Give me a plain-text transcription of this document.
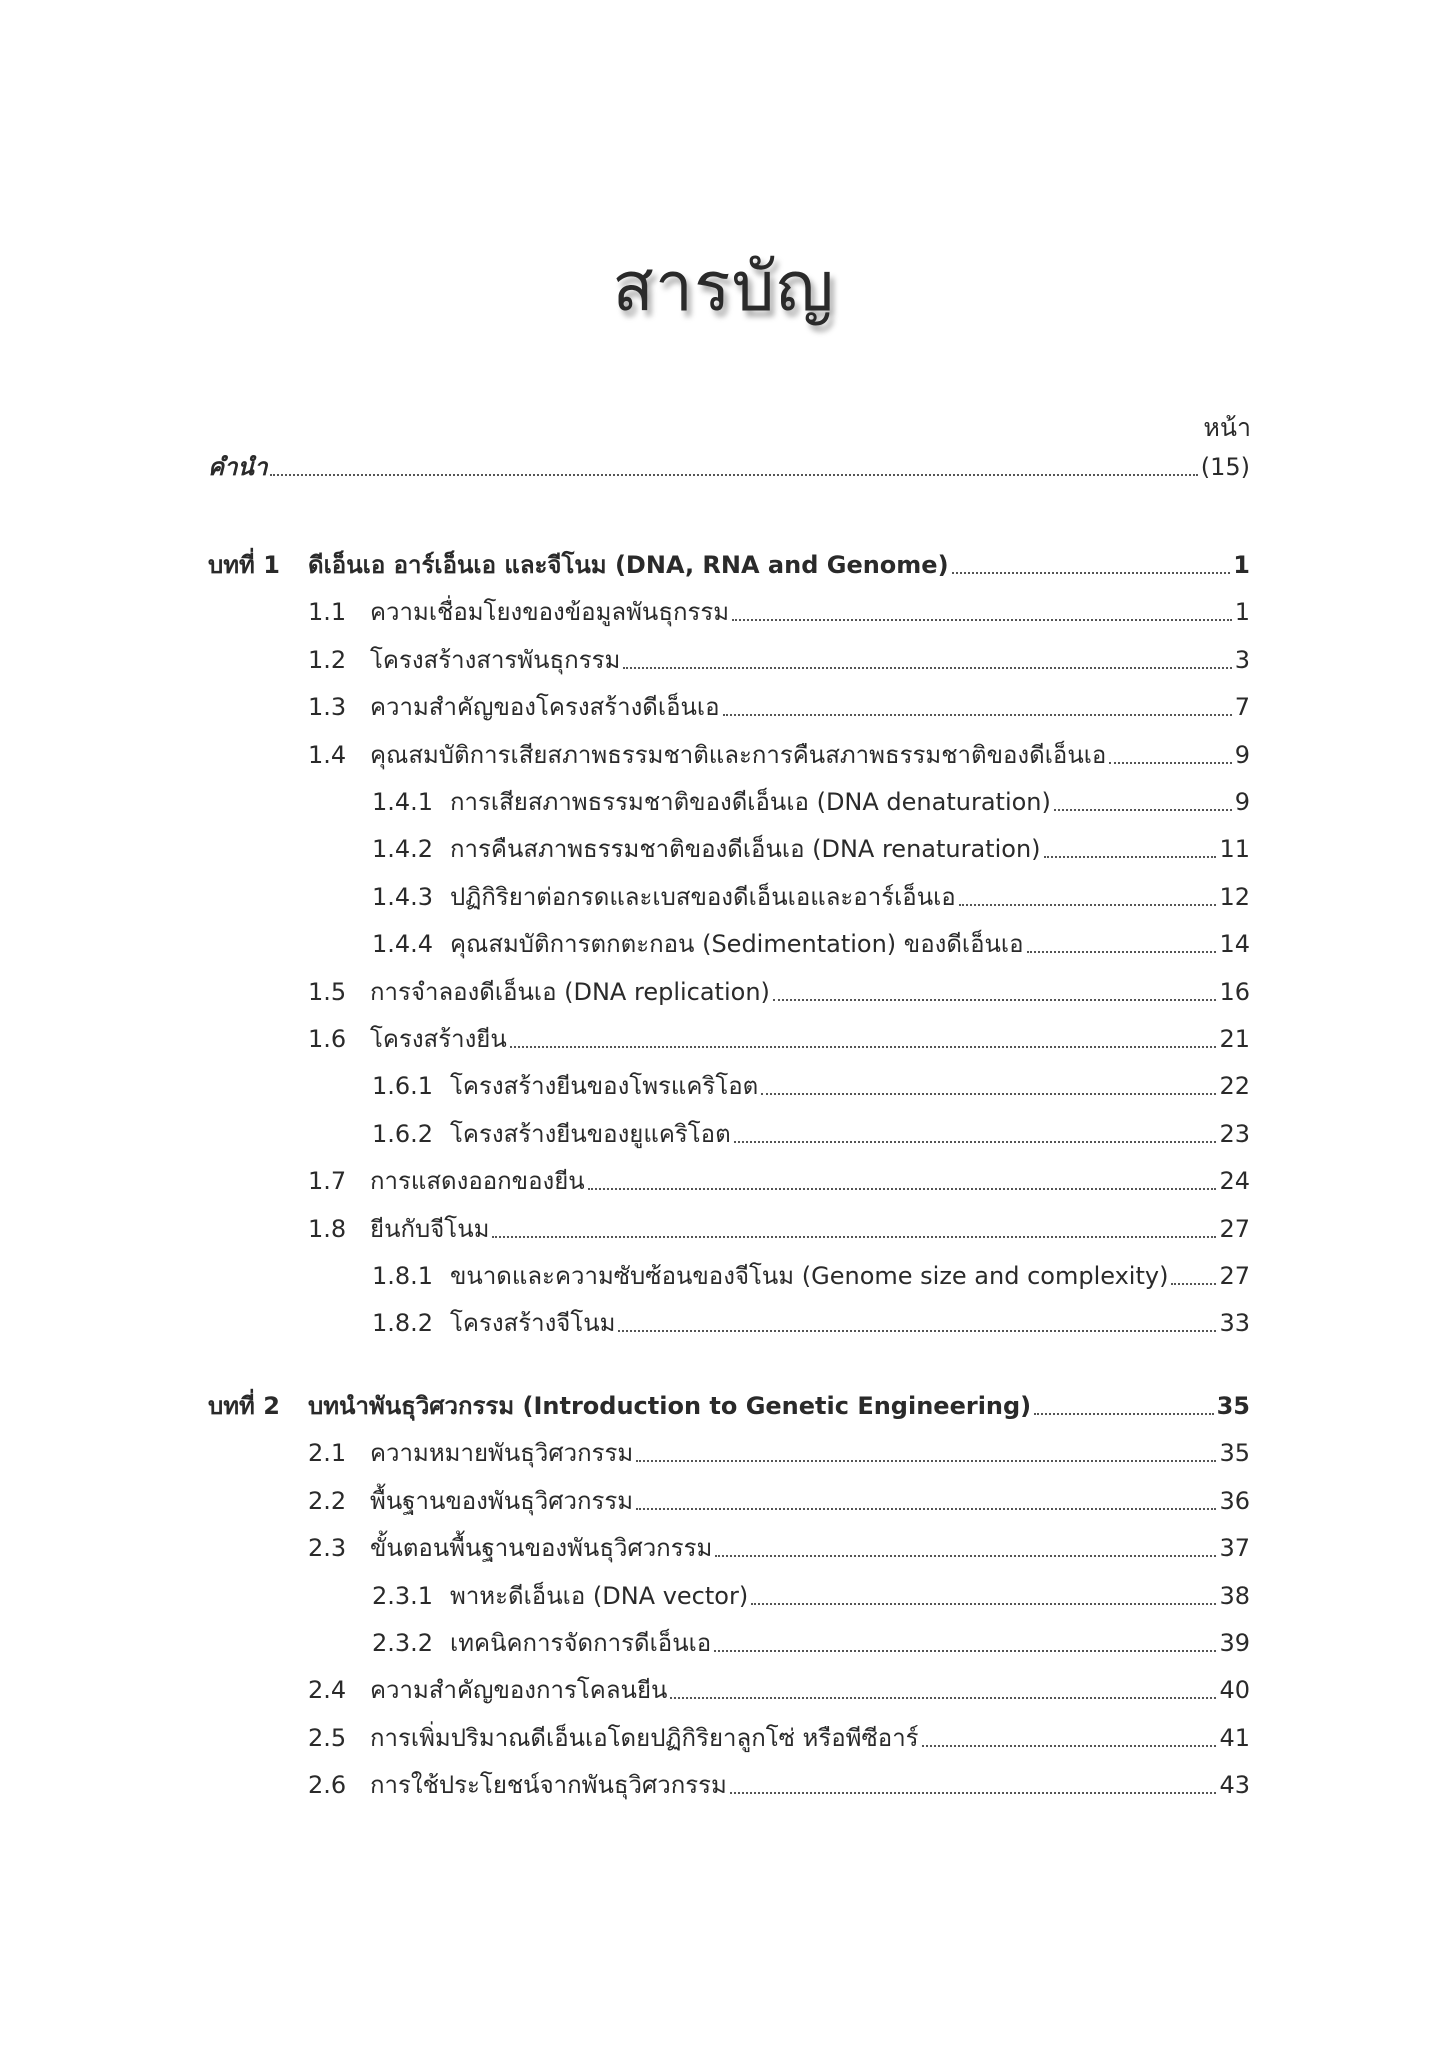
สารบัญ
หน้า
คำนำ	(15)
บทที่ 1	ดีเอ็นเอ อาร์เอ็นเอ และจีโนม (DNA, RNA and Genome)	1
1.1 ความเชื่อมโยงของข้อมูลพันธุกรรม	1
1.2 โครงสร้างสารพันธุกรรม	3
1.3 ความสำคัญของโครงสร้างดีเอ็นเอ	7
1.4 คุณสมบัติการเสียสภาพธรรมชาติและการคืนสภาพธรรมชาติของดีเอ็นเอ	9
1.4.1 การเสียสภาพธรรมชาติของดีเอ็นเอ (DNA denaturation)	9
1.4.2 การคืนสภาพธรรมชาติของดีเอ็นเอ (DNA renaturation)	11
1.4.3 ปฏิกิริยาต่อกรดและเบสของดีเอ็นเอและอาร์เอ็นเอ	12
1.4.4 คุณสมบัติการตกตะกอน (Sedimentation) ของดีเอ็นเอ	14
1.5 การจำลองดีเอ็นเอ (DNA replication)	16
1.6 โครงสร้างยีน	21
1.6.1 โครงสร้างยีนของโพรแคริโอต	22
1.6.2 โครงสร้างยีนของยูแคริโอต	23
1.7 การแสดงออกของยีน	24
1.8 ยีนกับจีโนม	27
1.8.1 ขนาดและความซับซ้อนของจีโนม (Genome size and complexity) 27
1.8.2 โครงสร้างจีโนม	33
บทที่ 2	บทนำพันธุวิศวกรรม (Introduction to Genetic Engineering)	35
2.1 ความหมายพันธุวิศวกรรม	35
2.2 พื้นฐานของพันธุวิศวกรรม	36
2.3 ขั้นตอนพื้นฐานของพันธุวิศวกรรม	37
2.3.1 พาหะดีเอ็นเอ (DNA vector)	38
2.3.2 เทคนิคการจัดการดีเอ็นเอ	39
2.4 ความสำคัญของการโคลนยีน	40
2.5 การเพิ่มปริมาณดีเอ็นเอโดยปฏิกิริยาลูกโซ่ หรือพีซีอาร์	41
2.6 การใช้ประโยชน์จากพันธุวิศวกรรม	43
